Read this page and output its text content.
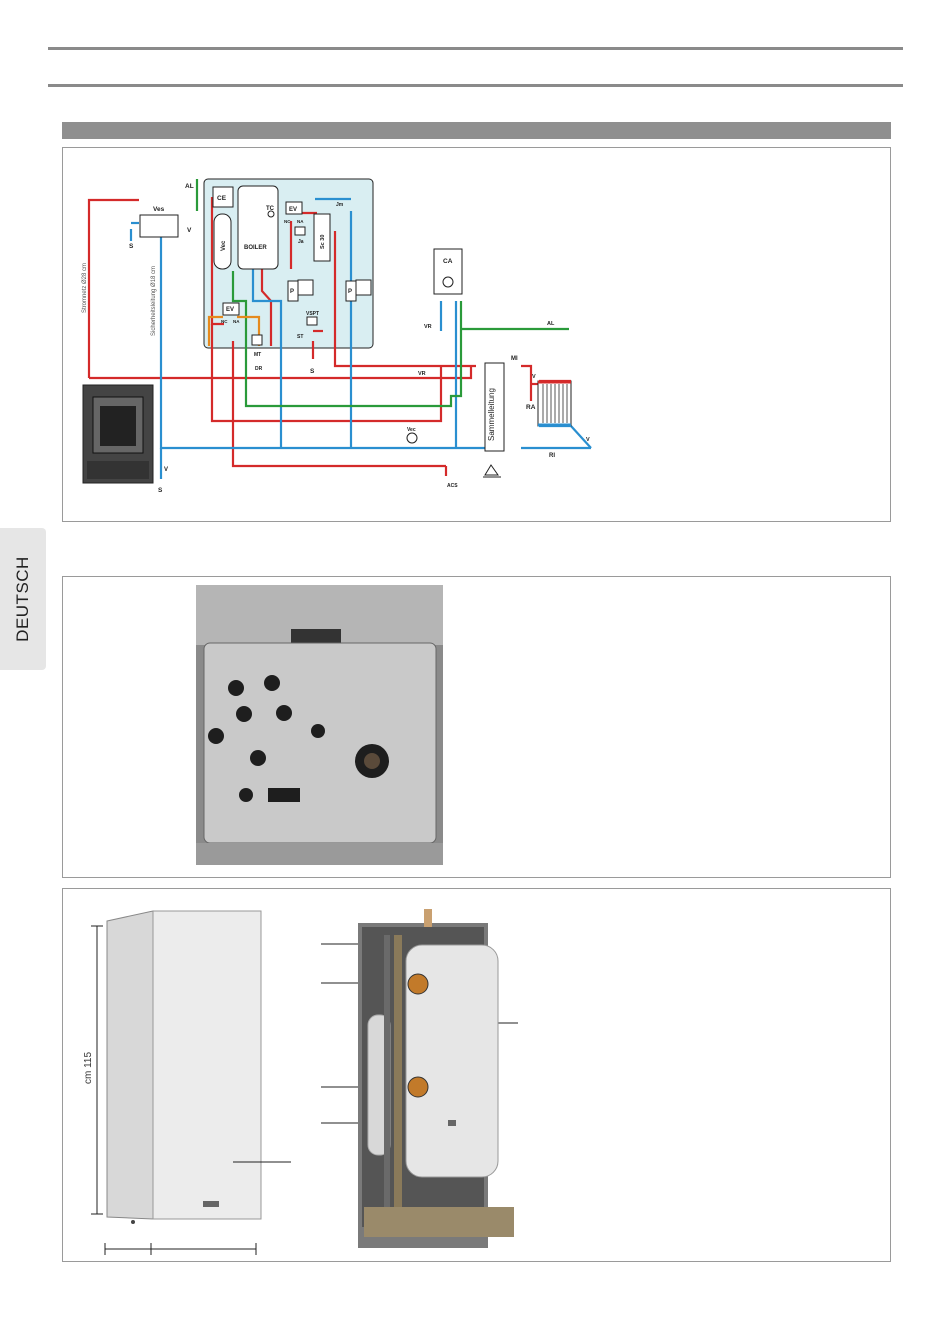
DEUTSCH
AL
Ves
V
S
CE
Vec	BOILER
TC	EV
NC NA
Ja
Jm
Sc 30
P	P
EV
NC NA
VSPT
ST
MT
DR	S
CA
VR	AL
VR
MI
V
RA
Vec
V
RI
ACS
V
S
Sammelleitung
Stromnetz Ø28 cm	Sicherheitsleitung Ø18 cm
cm 115
